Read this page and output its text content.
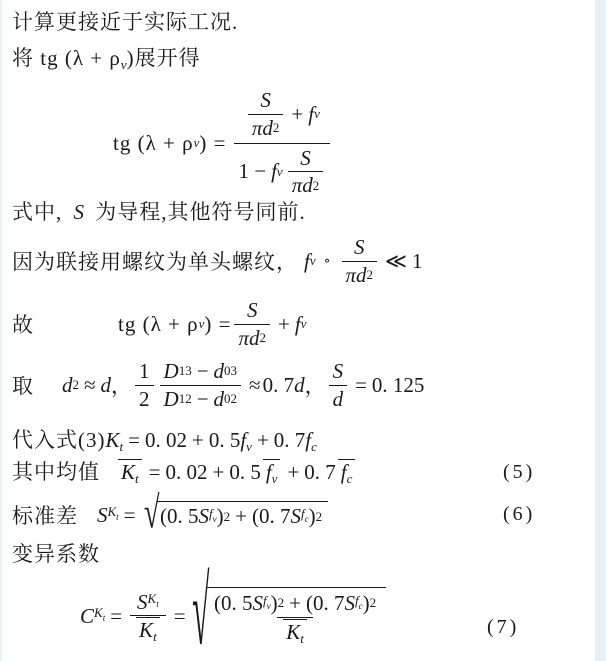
计算更接近于实际工况.
将 tg $(\lambda + \rho_v)$展开得
tg (λ + ρ v ) = $\frac{\frac{S}{\pi d 2} + f v}{1 - f v \frac{S}{\pi d 2}}$
式中, S 为导程,其他符号同前.
因为联接用螺纹为单头螺纹， f v ∘ $\frac{S}{\pi d 2}$ ≪ 1
故	tg (λ + ρ v ) = $\frac{S}{\pi d 2} + f$ v
取	d 2 ≈ d ， $\frac{1}{2} \frac{D 1 3 - d 0 3}{D 1 2 - d 0 2} \approx 0$. 7 d ， $\frac{S}{d} = 0$. 125
代入式$(3)K_t = 0$. 02 + 0. $5f_v + 0$. $7f_c$
其中均值 $K_t = 0$. 02 + 0. 5 $f_v + 0$. 7 $f_c$	(5)
标准差 S $K_t$ = √ ( 0. 5 S $f_v$ ) 2 + ( 0. 7 S $f_c$ ) 2	(6)
变异系数
C $K_t = \frac{S K_t}{K_t}$ = √ $\frac{( 0. 5 S f_v ) 2 + ( 0. 7 S f_c ) 2}{K_t}$	(7)
